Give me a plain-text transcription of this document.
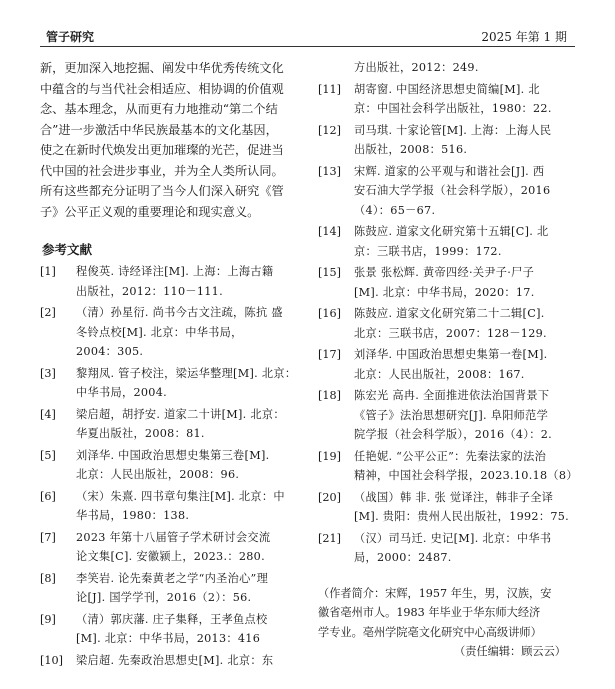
管子研究	2025 年第 1 期
新，更加深入地挖掘、阐发中华优秀传统文化
中蕴含的与当代社会相适应、相协调的价值观
念、基本理念，从而更有力地推动“第二个结
合”进一步激活中华民族最基本的文化基因，
使之在新时代焕发出更加璀璨的光芒，促进当
代中国的社会进步事业，并为全人类所认同。
所有这些都充分证明了当今人们深入研究《管
子》公平正义观的重要理论和现实意义。
参考文献
[1]	程俊英. 诗经译注[M]. 上海：上海古籍
出版社，2012：110－111.
[2]	（清）孙星衍. 尚书今古文注疏，陈抗 盛
冬铃点校[M]. 北京：中华书局，
2004：305.
[3]	黎翔凤. 管子校注，梁运华整理[M]. 北京：
中华书局，2004.
[4]	梁启超，胡抒安. 道家二十讲[M]. 北京：
华夏出版社，2008：81.
[5]	刘泽华. 中国政治思想史集第三卷[M].
北京：人民出版社，2008：96.
[6]	（宋）朱熹. 四书章句集注[M]. 北京：中
华书局，1980：138.
[7]	2023 年第十八届管子学术研讨会交流
论文集[C]. 安徽颍上，2023.：280.
[8]	李笑岩. 论先秦黄老之学“内圣治心”理
论[J]. 国学学刊，2016（2）：56.
[9]	（清）郭庆藩. 庄子集释，王孝鱼点校
[M]. 北京：中华书局，2013：416
[10]	梁启超. 先秦政治思想史[M]. 北京：东
方出版社，2012：249.
[11]	胡寄窗. 中国经济思想史简编[M]. 北
京：中国社会科学出版社，1980：22.
[12]	司马琪. 十家论管[M]. 上海：上海人民
出版社，2008：516.
[13]	宋辉. 道家的公平观与和谐社会[J]. 西
安石油大学学报（社会科学版），2016
（4）：65－67.
[14]	陈鼓应. 道家文化研究第十五辑[C]. 北
京：三联书店，1999：172.
[15]	张景 张松辉. 黄帝四经·关尹子·尸子
[M]. 北京：中华书局，2020：17.
[16]	陈鼓应. 道家文化研究第二十二辑[C].
北京：三联书店，2007：128－129.
[17]	刘泽华. 中国政治思想史集第一卷[M].
北京：人民出版社，2008：167.
[18]	陈宏光 高冉. 全面推进依法治国背景下
《管子》法治思想研究[J]. 阜阳师范学
院学报（社会科学版），2016（4）：2.
[19]	任艳妮. “公平公正”：先秦法家的法治
精神，中国社会科学报，2023.10.18（8）
[20]	（战国）韩 非. 张 觉译注，韩非子全译
[M]. 贵阳：贵州人民出版社，1992：75.
[21]	（汉）司马迁. 史记[M]. 北京：中华书
局，2000：2487.
（作者简介：宋辉，1957 年生，男，汉族，安
徽省亳州市人。1983 年毕业于华东师大经济
学专业。亳州学院亳文化研究中心高级讲师）
（责任编辑：顾云云）
